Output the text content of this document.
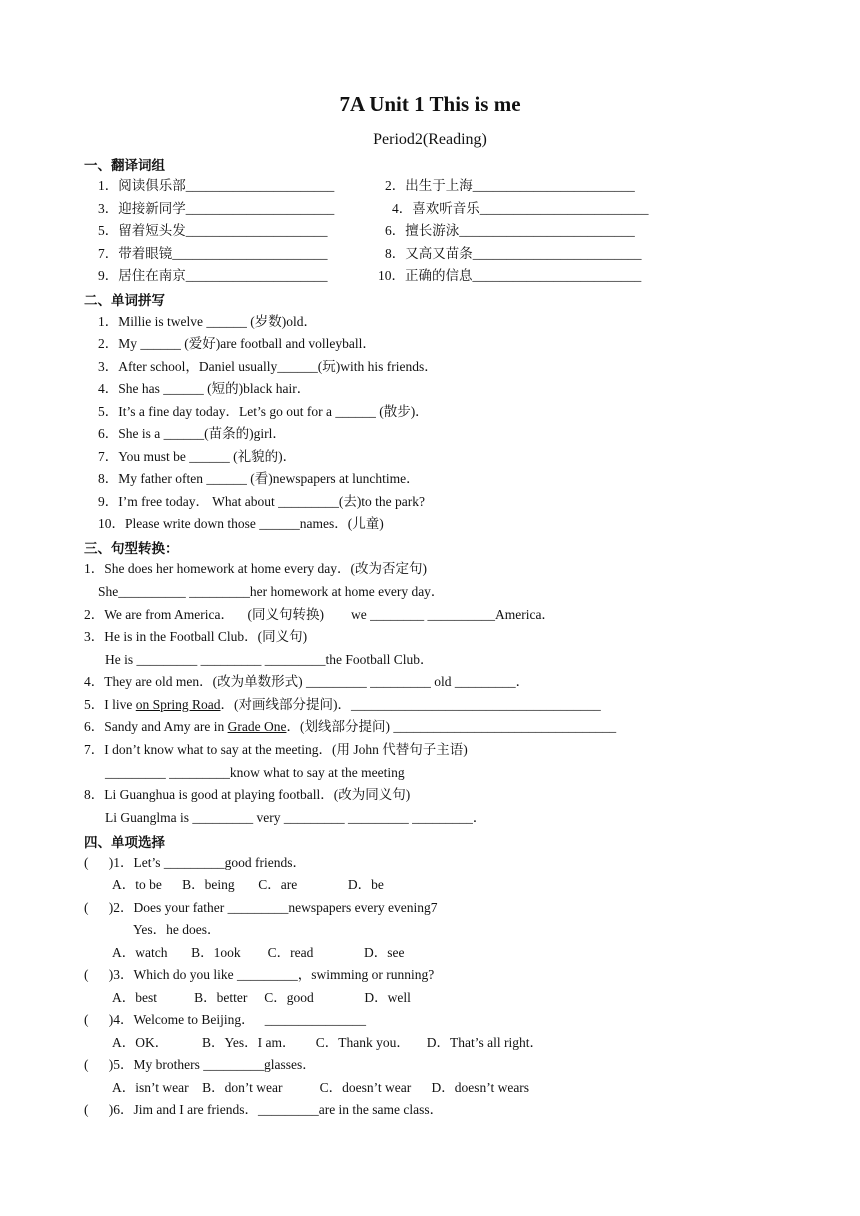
7A Unit 1 This is me
Period2(Reading)
一、翻译词组
1．阅读俱乐部______________________	2．出生于上海________________________
3．迎接新同学______________________	4．喜欢听音乐_________________________
5．留着短头发_____________________	6．擅长游泳__________________________
7．带着眼镜_______________________	8．又高又苗条_________________________
9．居住在南京_____________________	10．正确的信息_________________________
二、单词拼写
1．Millie is twelve ______ (岁数)old．
2．My ______ (爱好)are football and volleyball．
3．After school，Daniel usually______(玩)with his friends．
4．She has ______ (短的)black hair．
5．It’s a fine day today．Let’s go out for a ______ (散步)．
6．She is a ______(苗条的)girl．
7．You must be ______ (礼貌的)．
8．My father often ______ (看)newspapers at lunchtime．
9．I’m free today． What about _________(去)to the park?
10．Please write down those ______names．(儿童)
三、句型转换：
1．She does her homework at home every day．(改为否定句)
She__________ _________her homework at home every day．
2．We are from America．    (同义句转换)        we ________ __________America．
3．He is in the Football Club．(同义句)
He is _________ _________ _________the Football Club．
4．They are old men．(改为单数形式) _________ _________ old _________．
5．I live on Spring Road．(对画线部分提问)．_____________________________________
6．Sandy and Amy are in Grade One．(划线部分提问) _________________________________
7．I don’t know what to say at the meeting．(用 John 代替句子主语)
_________ _________know what to say at the meeting
8．Li Guanghua is good at playing football．(改为同义句)
Li Guanglma is _________ very _________ _________ _________．
四、单项选择
(      )1．Let’s _________good friends．
A．to be      B．being       C．are               D．be
(      )2．Does your father _________newspapers every evening7
Yes．he does．
A．watch       B．1ook        C．read               D．see
(      )3．Which do you like _________，swimming or running?
A．best           B．better     C．good               D．well
(      )4．Welcome to Beijing．   _______________
A．OK．          B．Yes．I am．      C．Thank you．     D．That’s all right．
(      )5．My brothers _________glasses．
A．isn’t wear    B．don’t wear           C．doesn’t wear      D．doesn’t wears
(      )6．Jim and I are friends．_________are in the same class．
